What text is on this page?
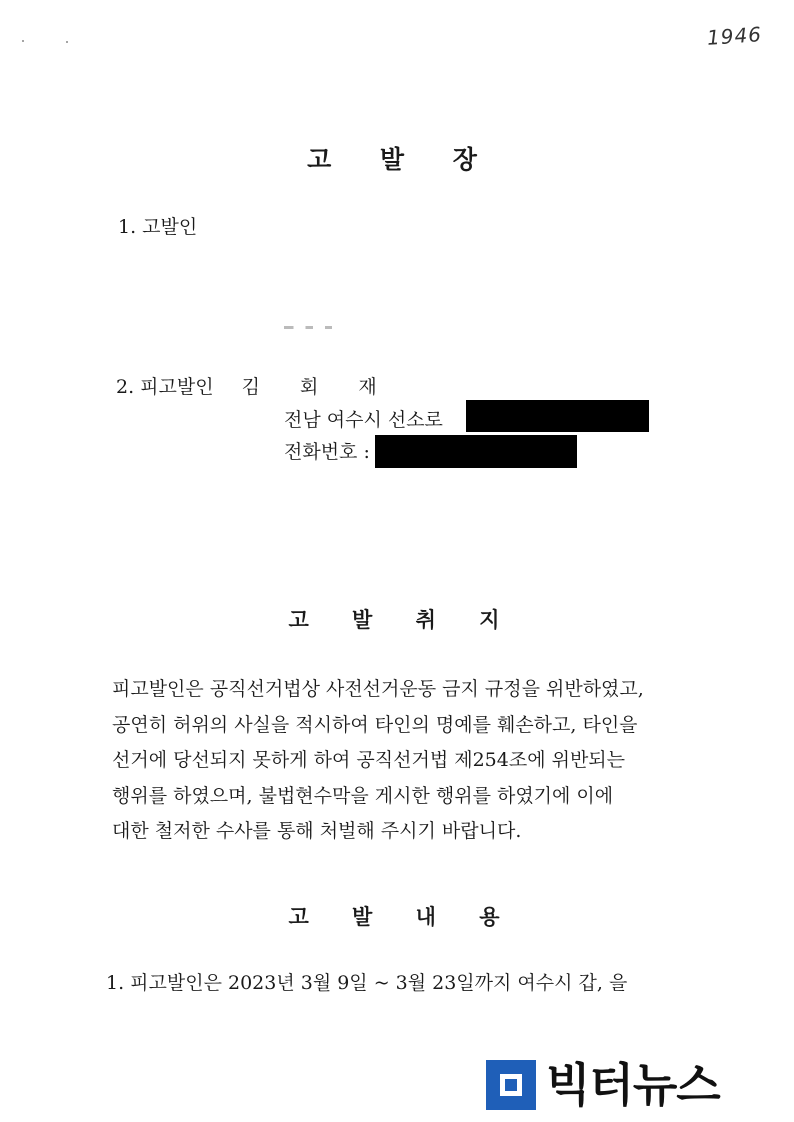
1946
고 발 장
1. 고발인
2. 피고발인 김 회 재
전남 여수시 선소로
전화번호 :
고 발 취 지
피고발인은 공직선거법상 사전선거운동 금지 규정을 위반하였고,
공연히 허위의 사실을 적시하여 타인의 명예를 훼손하고, 타인을
선거에 당선되지 못하게 하여 공직선거법 제254조에 위반되는
행위를 하였으며, 불법현수막을 게시한 행위를 하였기에 이에
대한 철저한 수사를 통해 처벌해 주시기 바랍니다.
고 발 내 용
1. 피고발인은 2023년 3월 9일 ~ 3월 23일까지 여수시 갑, 을
빅터뉴스
